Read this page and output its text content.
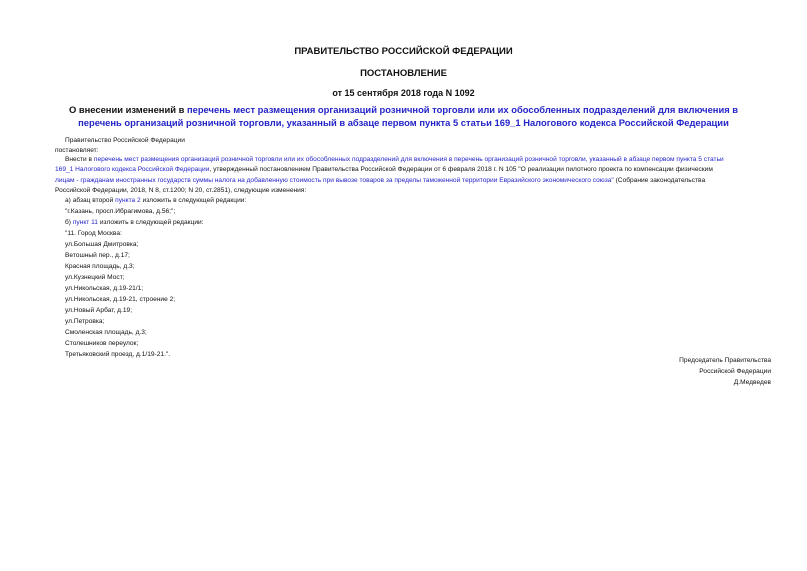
ПРАВИТЕЛЬСТВО РОССИЙСКОЙ ФЕДЕРАЦИИ
ПОСТАНОВЛЕНИЕ
от 15 сентября 2018 года N 1092
О внесении изменений в перечень мест размещения организаций розничной торговли или их обособленных подразделений для включения в перечень организаций розничной торговли, указанный в абзаце первом пункта 5 статьи 169_1 Налогового кодекса Российской Федерации
Правительство Российской Федерации
постановляет:
Внести в перечень мест размещения организаций розничной торговли или их обособленных подразделений для включения в перечень организаций розничной торговли, указанный в абзаце первом пункта 5 статьи
169_1 Налогового кодекса Российской Федерации, утвержденный постановлением Правительства Российской Федерации от 6 февраля 2018 г. N 105 "О реализации пилотного проекта по компенсации физическим
лицам - гражданам иностранных государств суммы налога на добавленную стоимость при вывозе товаров за пределы таможенной территории Евразийского экономического союза" (Собрание законодательства
Российской Федерации, 2018, N 8, ст.1200; N 20, ст.2851), следующие изменения:
а) абзац второй пункта 2 изложить в следующей редакции:
"г.Казань, просп.Ибрагимова, д.56;";
б) пункт 11 изложить в следующей редакции:
"11. Город Москва:
ул.Большая Дмитровка;
Ветошный пер., д.17;
Красная площадь, д.3;
ул.Кузнецкий Мост;
ул.Никольская, д.19-21/1;
ул.Никольская, д.19-21, строение 2;
ул.Новый Арбат, д.19;
ул.Петровка;
Смоленская площадь, д.3;
Столешников переулок;
Третьяковский проезд, д.1/19-21.".
Председатель Правительства
Российской Федерации
Д.Медведев
